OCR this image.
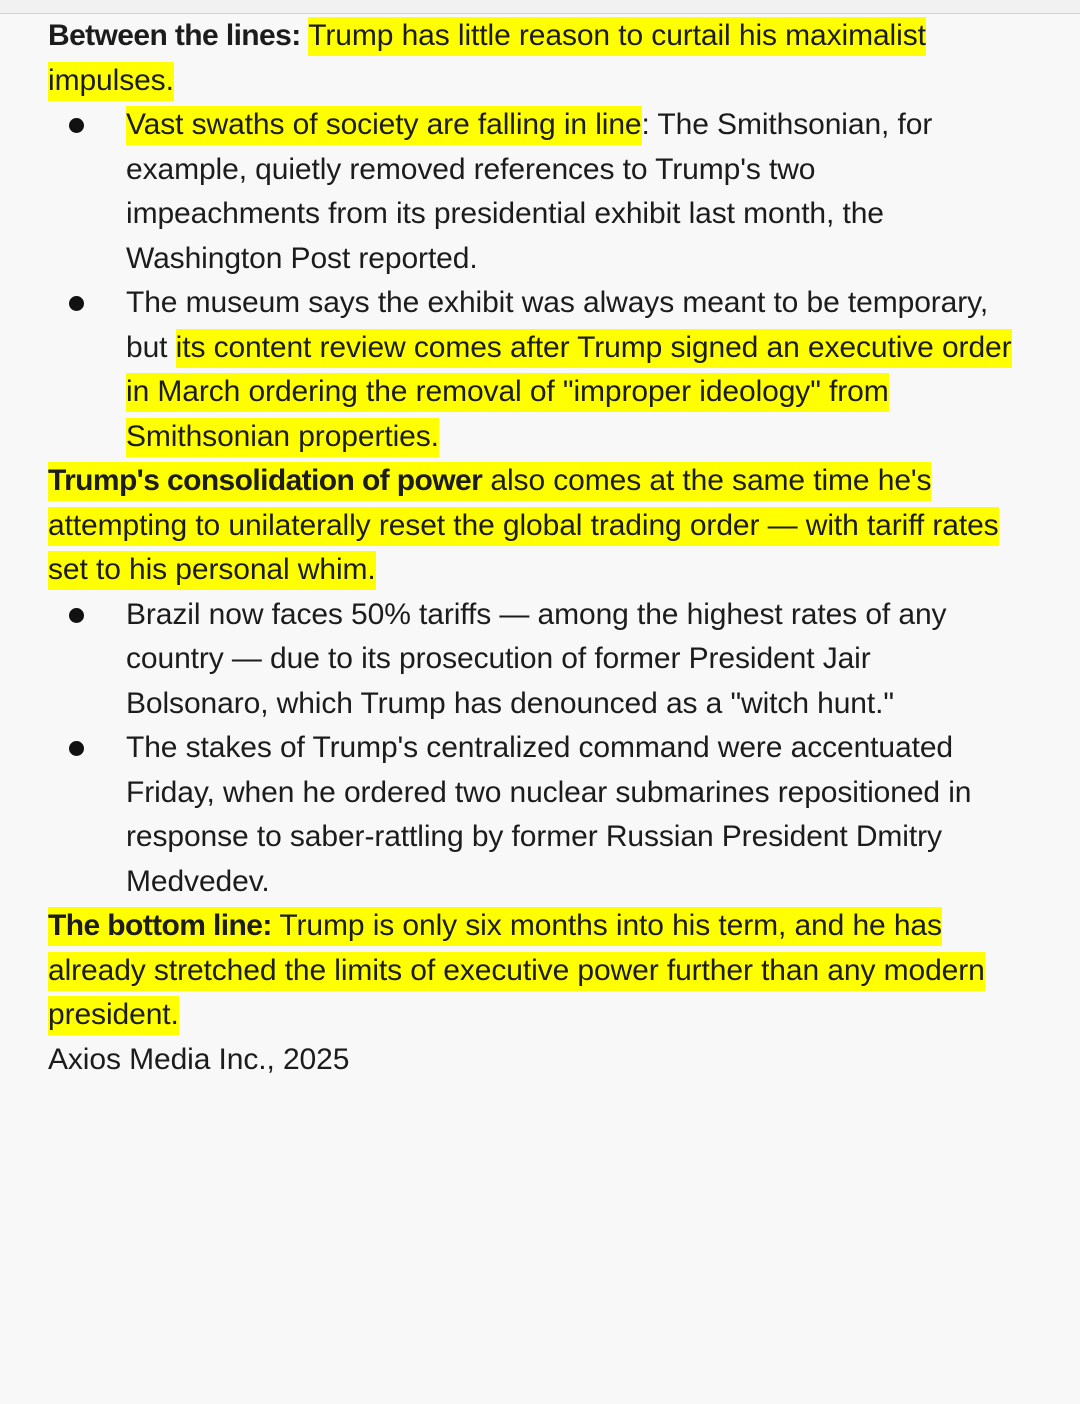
Between the lines: Trump has little reason to curtail his maximalist impulses.

Vast swaths of society are falling in line: The Smithsonian, for example, quietly removed references to Trump's two impeachments from its presidential exhibit last month, the Washington Post reported.
The museum says the exhibit was always meant to be temporary, but its content review comes after Trump signed an executive order in March ordering the removal of "improper ideology" from Smithsonian properties.

Trump's consolidation of power also comes at the same time he's attempting to unilaterally reset the global trading order — with tariff rates set to his personal whim.

Brazil now faces 50% tariffs — among the highest rates of any country — due to its prosecution of former President Jair Bolsonaro, which Trump has denounced as a "witch hunt."
The stakes of Trump's centralized command were accentuated Friday, when he ordered two nuclear submarines repositioned in response to saber-rattling by former Russian President Dmitry Medvedev.

The bottom line: Trump is only six months into his term, and he has already stretched the limits of executive power further than any modern president.

Axios Media Inc., 2025
